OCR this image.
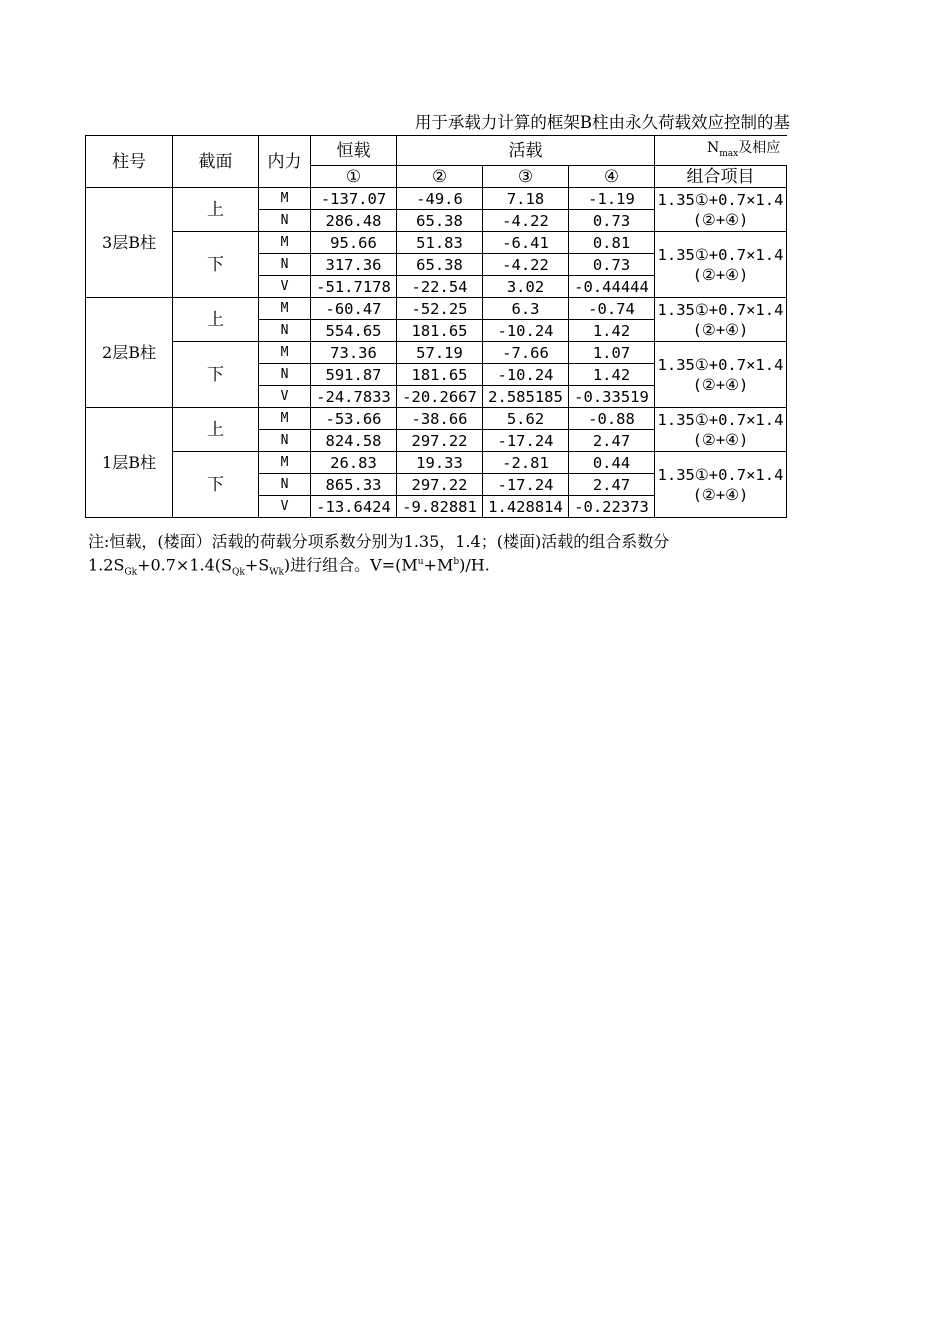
用于承载力计算的框架B柱由永久荷载效应控制的基
柱号	截面	内力	恒载	活载			$N_{max}$及相应
			①	②	③	④	组合项目
3层B柱	上	M	-137.07	-49.6	7.18	-1.19	1.35①+0.7×1.4(②+④)
		N	286.48	65.38	-4.22	0.73	
	下	M	95.66	51.83	-6.41	0.81	1.35①+0.7×1.4(②+④)
		N	317.36	65.38	-4.22	0.73	
		V	-51.7178	-22.54	3.02	-0.44444	
2层B柱	上	M	-60.47	-52.25	6.3	-0.74	1.35①+0.7×1.4(②+④)
		N	554.65	181.65	-10.24	1.42	
	下	M	73.36	57.19	-7.66	1.07	1.35①+0.7×1.4(②+④)
		N	591.87	181.65	-10.24	1.42	
		V	-24.7833	-20.2667	2.585185	-0.33519	
1层B柱	上	M	-53.66	-38.66	5.62	-0.88	1.35①+0.7×1.4(②+④)
		N	824.58	297.22	-17.24	2.47	
	下	M	26.83	19.33	-2.81	0.44	1.35①+0.7×1.4(②+④)
		N	865.33	297.22	-17.24	2.47	
		V	-13.6424	-9.82881	1.428814	-0.22373	
注:恒载，(楼面）活载的荷载分项系数分别为1.35，1.4；(楼面)活载的组合系数分
$1.2S_{Gk}+0.7\times 1.4(S_{Qk}+S_{Wk})$进行组合。$V=(M^u+M^b)/H$.
